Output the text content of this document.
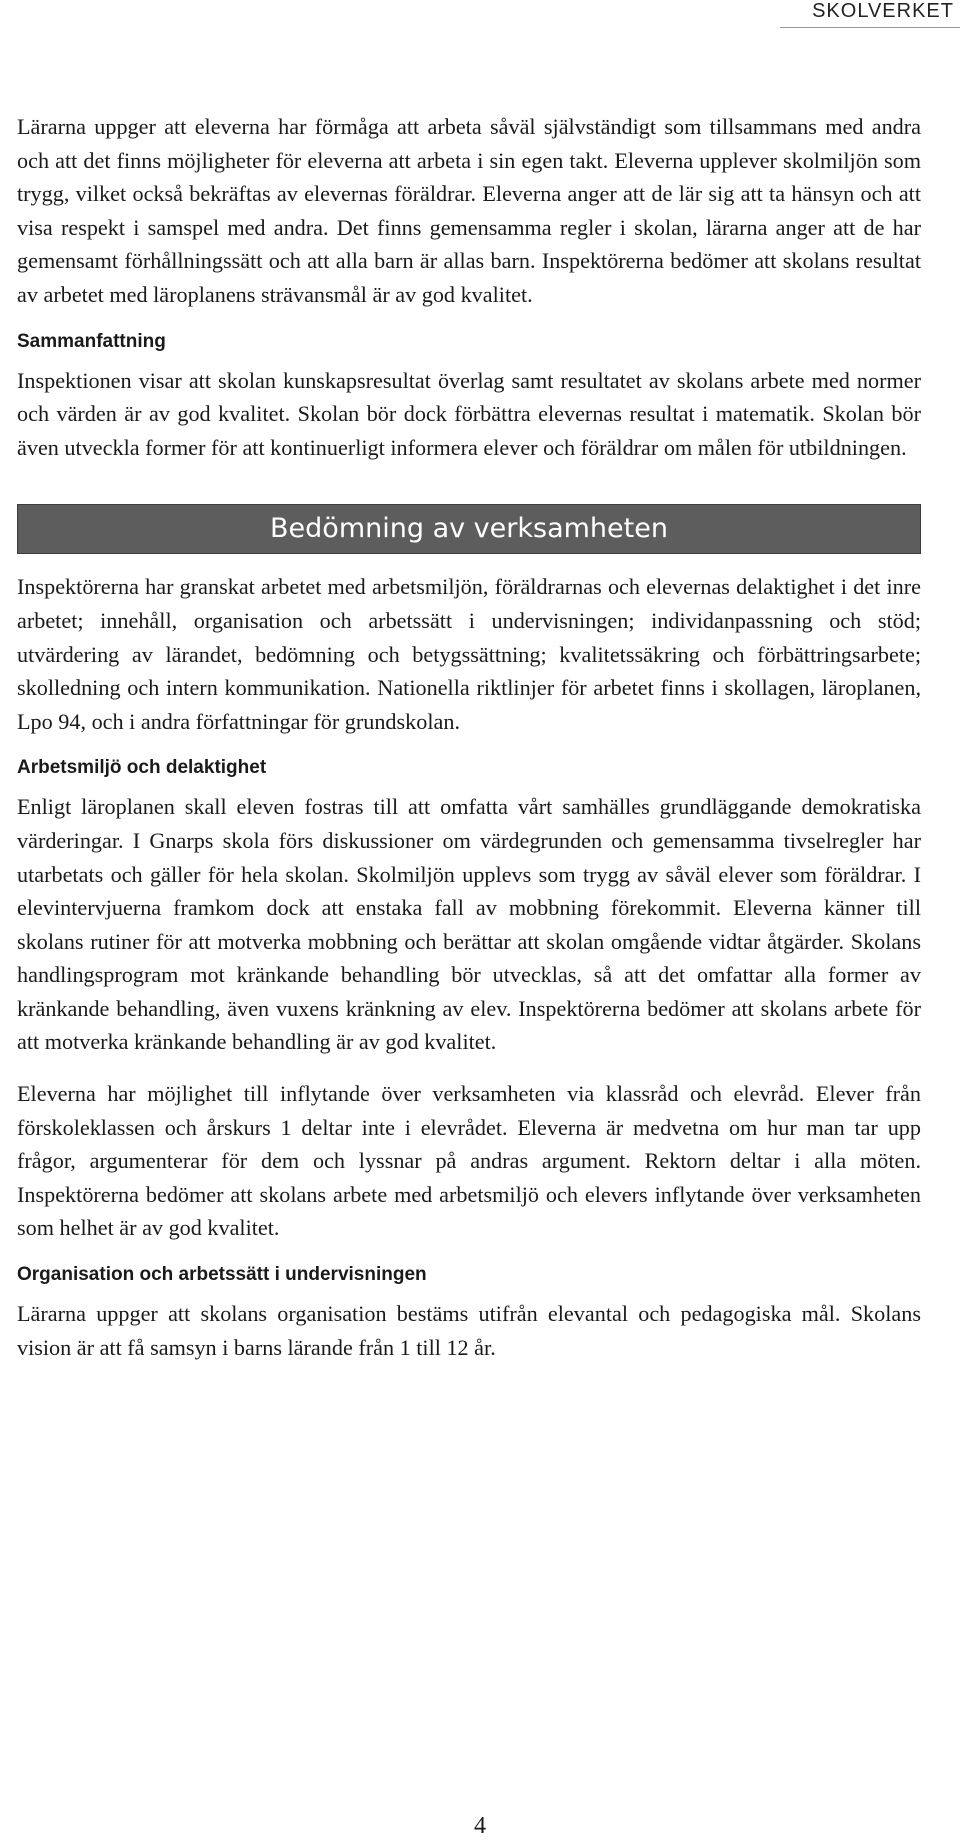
SKOLVERKET

Lärarna uppger att eleverna har förmåga att arbeta såväl självständigt som tillsammans med andra och att det finns möjligheter för eleverna att arbeta i sin egen takt. Eleverna upplever skolmiljön som trygg, vilket också bekräftas av elevernas föräldrar. Eleverna anger att de lär sig att ta hänsyn och att visa respekt i samspel med andra. Det finns gemensamma regler i skolan, lärarna anger att de har gemensamt förhållningssätt och att alla barn är allas barn. Inspektörerna bedömer att skolans resultat av arbetet med läroplanens strävansmål är av god kvalitet.

Sammanfattning

Inspektionen visar att skolan kunskapsresultat överlag samt resultatet av skolans arbete med normer och värden är av god kvalitet. Skolan bör dock förbättra elevernas resultat i matematik. Skolan bör även utveckla former för att kontinuerligt informera elever och föräldrar om målen för utbildningen.

Bedömning av verksamheten

Inspektörerna har granskat arbetet med arbetsmiljön, föräldrarnas och elevernas delaktighet i det inre arbetet; innehåll, organisation och arbetssätt i undervisningen; individanpassning och stöd; utvärdering av lärandet, bedömning och betygssättning; kvalitetssäkring och förbättringsarbete; skolledning och intern kommunikation. Nationella riktlinjer för arbetet finns i skollagen, läroplanen, Lpo 94, och i andra författningar för grundskolan.

Arbetsmiljö och delaktighet

Enligt läroplanen skall eleven fostras till att omfatta vårt samhälles grundläggande demokratiska värderingar. I Gnarps skola förs diskussioner om värdegrunden och gemensamma tivselregler har utarbetats och gäller för hela skolan. Skolmiljön upplevs som trygg av såväl elever som föräldrar. I elevintervjuerna framkom dock att enstaka fall av mobbning förekommit. Eleverna känner till skolans rutiner för att motverka mobbning och berättar att skolan omgående vidtar åtgärder. Skolans handlingsprogram mot kränkande behandling bör utvecklas, så att det omfattar alla former av kränkande behandling, även vuxens kränkning av elev. Inspektörerna bedömer att skolans arbete för att motverka kränkande behandling är av god kvalitet.

Eleverna har möjlighet till inflytande över verksamheten via klassråd och elevråd. Elever från förskoleklassen och årskurs 1 deltar inte i elevrådet. Eleverna är medvetna om hur man tar upp frågor, argumenterar för dem och lyssnar på andras argument. Rektorn deltar i alla möten. Inspektörerna bedömer att skolans arbete med arbetsmiljö och elevers inflytande över verksamheten som helhet är av god kvalitet.

Organisation och arbetssätt i undervisningen

Lärarna uppger att skolans organisation bestäms utifrån elevantal och pedagogiska mål. Skolans vision är att få samsyn i barns lärande från 1 till 12 år.

4
